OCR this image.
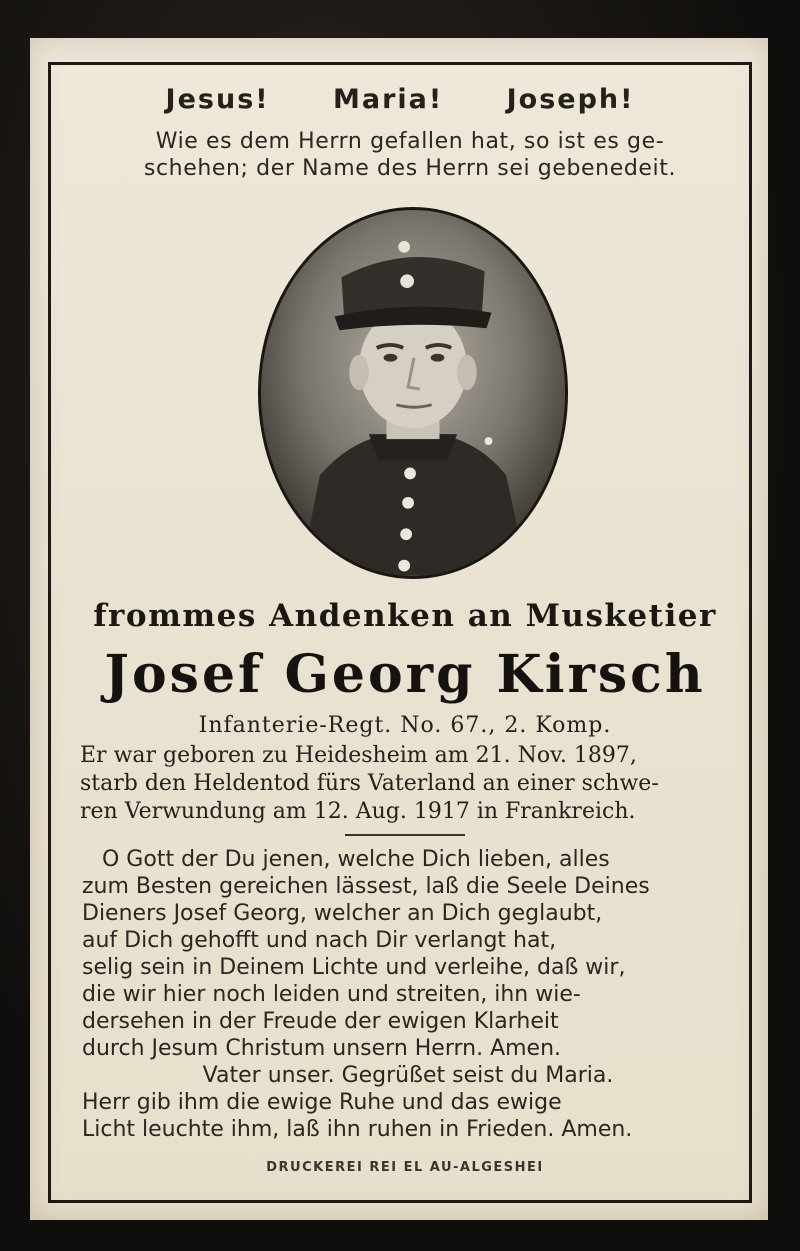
Jesus! Maria! Joseph!
Wie es dem Herrn gefallen hat, so ist es ge-
schehen; der Name des Herrn sei gebenedeit.
frommes Andenken an Musketier
Josef Georg Kirsch
Infanterie-Regt. No. 67., 2. Komp.
Er war geboren zu Heidesheim am 21. Nov. 1897,
starb den Heldentod fürs Vaterland an einer schwe-
ren Verwundung am 12. Aug. 1917 in Frankreich.
O Gott der Du jenen, welche Dich lieben, alles
zum Besten gereichen lässest, laß die Seele Deines
Dieners Josef Georg, welcher an Dich geglaubt,
auf Dich gehofft und nach Dir verlangt hat,
selig sein in Deinem Lichte und verleihe, daß wir,
die wir hier noch leiden und streiten, ihn wie-
dersehen in der Freude der ewigen Klarheit
durch Jesum Christum unsern Herrn. Amen.
Vater unser. Gegrüßet seist du Maria.
Herr gib ihm die ewige Ruhe und das ewige
Licht leuchte ihm, laß ihn ruhen in Frieden. Amen.
DRUCKEREI REI EL AU-ALGESHEI
